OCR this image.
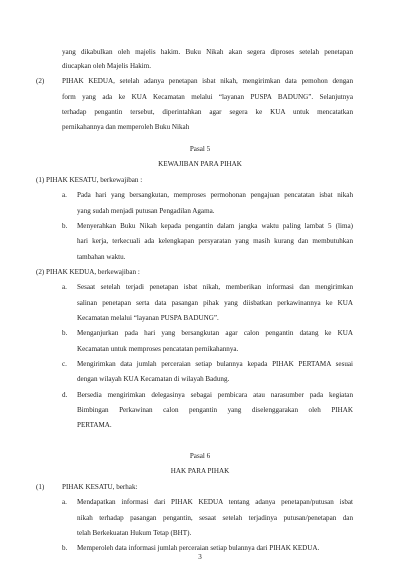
yang dikabulkan oleh majelis hakim. Buku Nikah akan segera diproses setelah penetapan
diucapkan oleh Majelis Hakim.
(2) PIHAK KEDUA, setelah adanya penetapan isbat nikah, mengirimkan data pemohon dengan
form yang ada ke KUA Kecamatan melalui “layanan PUSPA BADUNG”. Selanjutnya
terhadap pengantin tersebut, diperintahkan agar segera ke KUA untuk mencatatkan
pernikahannya dan memperoleh Buku Nikah
Pasal 5
KEWAJIBAN PARA PIHAK
(1) PIHAK KESATU, berkewajiban :
a. Pada hari yang bersangkutan, memproses permohonan pengajuan pencatatan isbat nikah
yang sudah menjadi putusan Pengadilan Agama.
b. Menyerahkan Buku Nikah kepada pengantin dalam jangka waktu paling lambat 5 (lima)
hari kerja, terkecuali ada kelengkapan persyaratan yang masih kurang dan membutuhkan
tambahan waktu.
(2) PIHAK KEDUA, berkewajiban :
a. Sesaat setelah terjadi penetapan isbat nikah, memberikan informasi dan mengirimkan
salinan penetapan serta data pasangan pihak yang diisbatkan perkawinannya ke KUA
Kecamatan melalui “layanan PUSPA BADUNG”.
b. Menganjurkan pada hari yang bersangkutan agar calon pengantin datang ke KUA
Kecamatan untuk memproses pencatatan pernikahannya.
c. Mengirimkan data jumlah perceraian setiap bulannya kepada PIHAK PERTAMA sesuai
dengan wilayah KUA Kecamatan di wilayah Badung.
d. Bersedia mengirimkan delegasinya sebagai pembicara atau narasumber pada kegiatan
Bimbingan Perkawinan calon pengantin yang diselenggarakan oleh PIHAK
PERTAMA.
Pasal 6
HAK PARA PIHAK
(1) PIHAK KESATU, berhak:
a. Mendapatkan informasi dari PIHAK KEDUA tentang adanya penetapan/putusan isbat
nikah terhadap pasangan pengantin, sesaat setelah terjadinya putusan/penetapan dan
telah Berkekuatan Hukum Tetap (BHT).
b. Memperoleh data informasi jumlah perceraian setiap bulannya dari PIHAK KEDUA.
3
